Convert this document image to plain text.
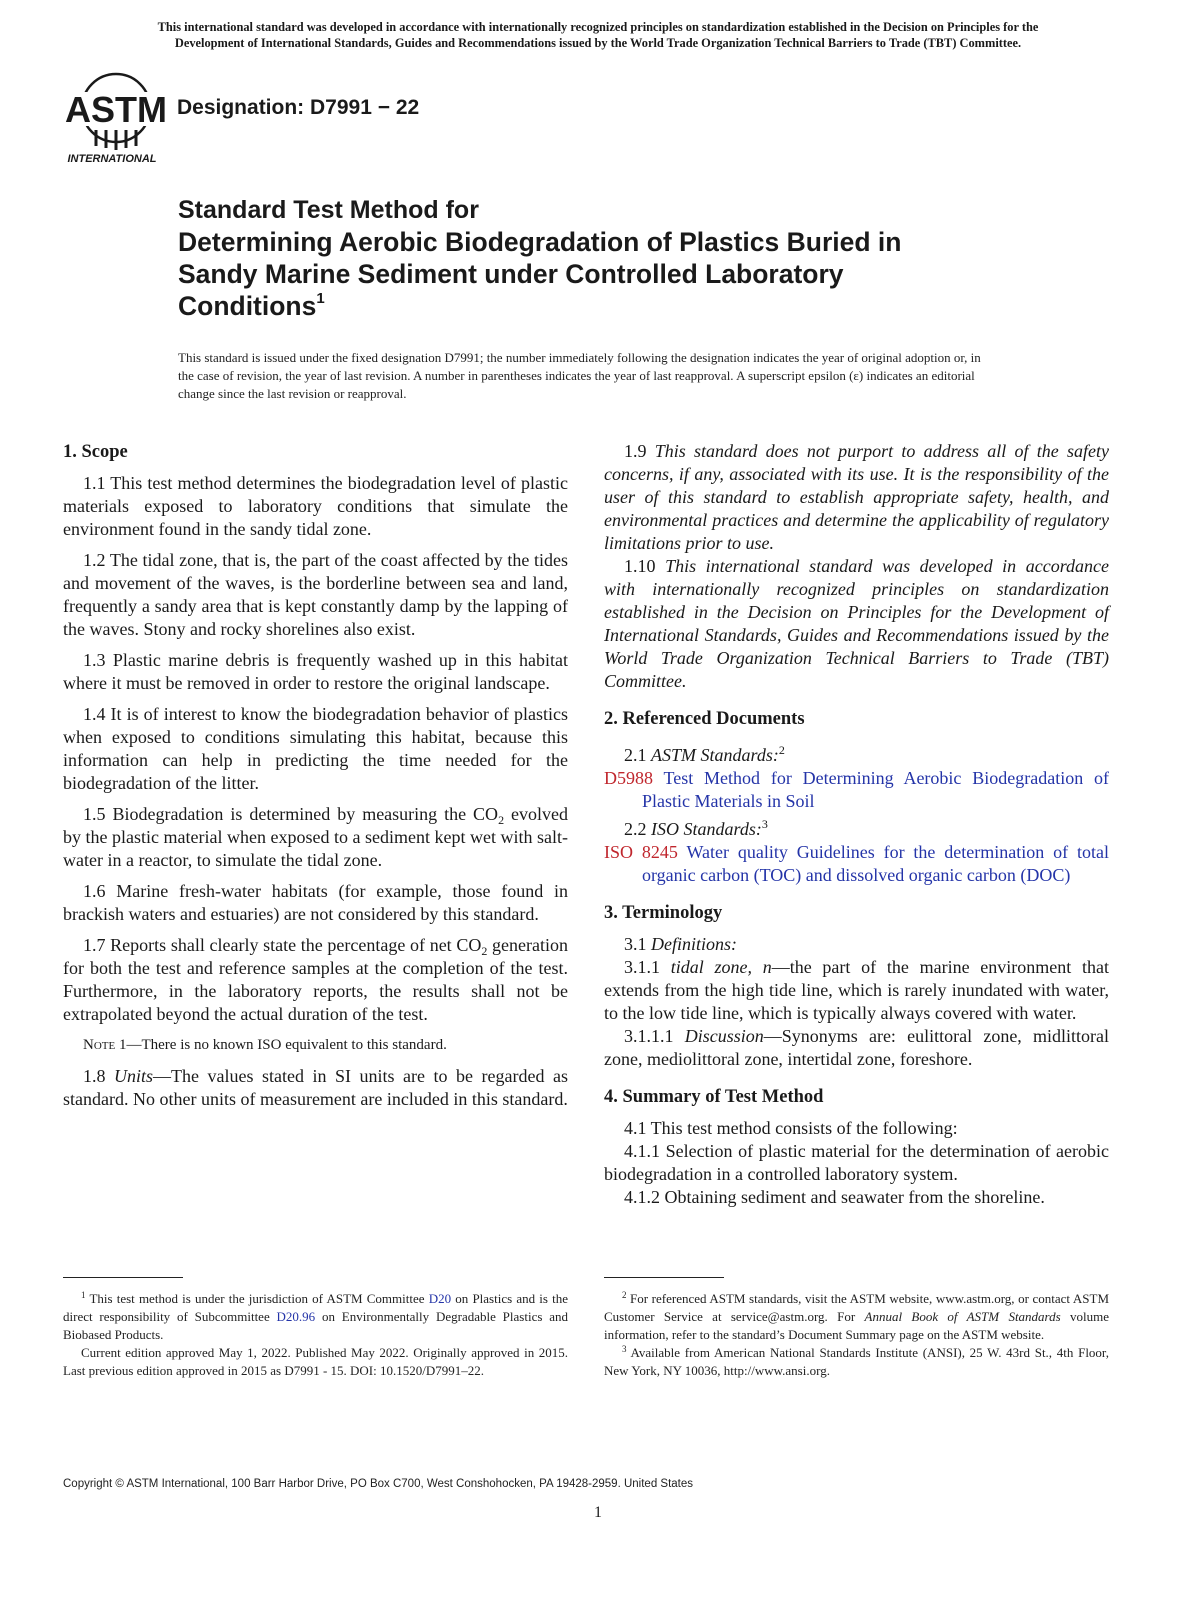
This international standard was developed in accordance with internationally recognized principles on standardization established in the Decision on Principles for the
Development of International Standards, Guides and Recommendations issued by the World Trade Organization Technical Barriers to Trade (TBT) Committee.
ASTM
INTERNATIONAL
Designation: D7991 − 22
Standard Test Method for
Determining Aerobic Biodegradation of Plastics Buried in
Sandy Marine Sediment under Controlled Laboratory
Conditions$^1$
This standard is issued under the fixed designation D7991; the number immediately following the designation indicates the year of original adoption or, in the case of revision, the year of last revision. A number in parentheses indicates the year of last reapproval. A superscript epsilon (ε) indicates an editorial change since the last revision or reapproval.
1. Scope

1.1 This test method determines the biodegradation level of plastic materials exposed to laboratory conditions that simulate the environment found in the sandy tidal zone.

1.2 The tidal zone, that is, the part of the coast affected by the tides and movement of the waves, is the borderline between sea and land, frequently a sandy area that is kept constantly damp by the lapping of the waves. Stony and rocky shorelines also exist.

1.3 Plastic marine debris is frequently washed up in this habitat where it must be removed in order to restore the original landscape.

1.4 It is of interest to know the biodegradation behavior of plastics when exposed to conditions simulating this habitat, because this information can help in predicting the time needed for the biodegradation of the litter.

1.5 Biodegradation is determined by measuring the $CO_2$ evolved by the plastic material when exposed to a sediment kept wet with salt-water in a reactor, to simulate the tidal zone.

1.6 Marine fresh-water habitats (for example, those found in brackish waters and estuaries) are not considered by this standard.

1.7 Reports shall clearly state the percentage of net $CO_2$ generation for both the test and reference samples at the completion of the test. Furthermore, in the laboratory reports, the results shall not be extrapolated beyond the actual duration of the test.

Note 1—There is no known ISO equivalent to this standard.

1.8 Units—The values stated in SI units are to be regarded as standard. No other units of measurement are included in this standard.

1.9 This standard does not purport to address all of the safety concerns, if any, associated with its use. It is the responsibility of the user of this standard to establish appropriate safety, health, and environmental practices and determine the applicability of regulatory limitations prior to use.

1.10 This international standard was developed in accordance with internationally recognized principles on standardization established in the Decision on Principles for the Development of International Standards, Guides and Recommendations issued by the World Trade Organization Technical Barriers to Trade (TBT) Committee.

2. Referenced Documents
2.1 ASTM Standards:$^2$
D5988 Test Method for Determining Aerobic Biodegradation of Plastic Materials in Soil
2.2 ISO Standards:$^3$
ISO 8245 Water quality Guidelines for the determination of total organic carbon (TOC) and dissolved organic carbon (DOC)
3. Terminology
3.1 Definitions:

3.1.1 tidal zone, n—the part of the marine environment that extends from the high tide line, which is rarely inundated with water, to the low tide line, which is typically always covered with water.

3.1.1.1 Discussion—Synonyms are: eulittoral zone, midlittoral zone, mediolittoral zone, intertidal zone, foreshore.

4. Summary of Test Method

4.1 This test method consists of the following:

4.1.1 Selection of plastic material for the determination of aerobic biodegradation in a controlled laboratory system.

4.1.2 Obtaining sediment and seawater from the shoreline.

$^1$ This test method is under the jurisdiction of ASTM Committee D20 on Plastics and is the direct responsibility of Subcommittee D20.96 on Environmentally Degradable Plastics and Biobased Products.

Current edition approved May 1, 2022. Published May 2022. Originally approved in 2015. Last previous edition approved in 2015 as D7991 - 15. DOI: 10.1520/D7991–22.

$^2$ For referenced ASTM standards, visit the ASTM website, www.astm.org, or contact ASTM Customer Service at service@astm.org. For Annual Book of ASTM Standards volume information, refer to the standard’s Document Summary page on the ASTM website.

$^3$ Available from American National Standards Institute (ANSI), 25 W. 43rd St., 4th Floor, New York, NY 10036, http://www.ansi.org.

Copyright © ASTM International, 100 Barr Harbor Drive, PO Box C700, West Conshohocken, PA 19428-2959. United States
1
